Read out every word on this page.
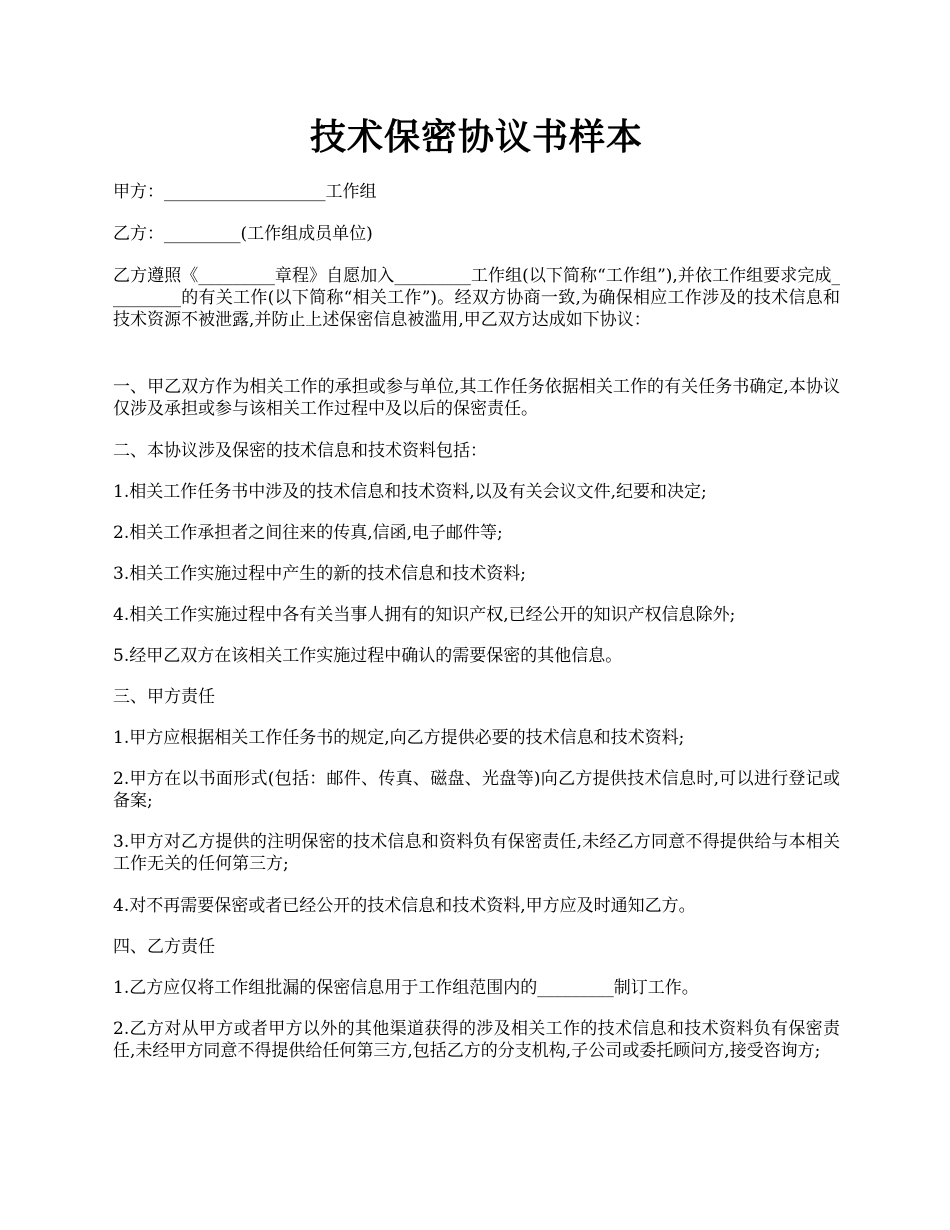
技术保密协议书样本

甲方：___________________工作组

乙方：_________(工作组成员单位)

乙方遵照《_________章程》自愿加入_________工作组(以下简称“工作组”),并依工作组要求完成_________的有关工作(以下简称“相关工作”)。经双方协商一致,为确保相应工作涉及的技术信息和技术资源不被泄露,并防止上述保密信息被滥用,甲乙双方达成如下协议：

一、甲乙双方作为相关工作的承担或参与单位,其工作任务依据相关工作的有关任务书确定,本协议仅涉及承担或参与该相关工作过程中及以后的保密责任。

二、本协议涉及保密的技术信息和技术资料包括：

1.相关工作任务书中涉及的技术信息和技术资料,以及有关会议文件,纪要和决定;

2.相关工作承担者之间往来的传真,信函,电子邮件等;

3.相关工作实施过程中产生的新的技术信息和技术资料;

4.相关工作实施过程中各有关当事人拥有的知识产权,已经公开的知识产权信息除外;

5.经甲乙双方在该相关工作实施过程中确认的需要保密的其他信息。

三、甲方责任

1.甲方应根据相关工作任务书的规定,向乙方提供必要的技术信息和技术资料;

2.甲方在以书面形式(包括：邮件、传真、磁盘、光盘等)向乙方提供技术信息时,可以进行登记或备案;

3.甲方对乙方提供的注明保密的技术信息和资料负有保密责任,未经乙方同意不得提供给与本相关工作无关的任何第三方;

4.对不再需要保密或者已经公开的技术信息和技术资料,甲方应及时通知乙方。

四、乙方责任

1.乙方应仅将工作组批漏的保密信息用于工作组范围内的_________制订工作。

2.乙方对从甲方或者甲方以外的其他渠道获得的涉及相关工作的技术信息和技术资料负有保密责任,未经甲方同意不得提供给任何第三方,包括乙方的分支机构,子公司或委托顾问方,接受咨询方;
